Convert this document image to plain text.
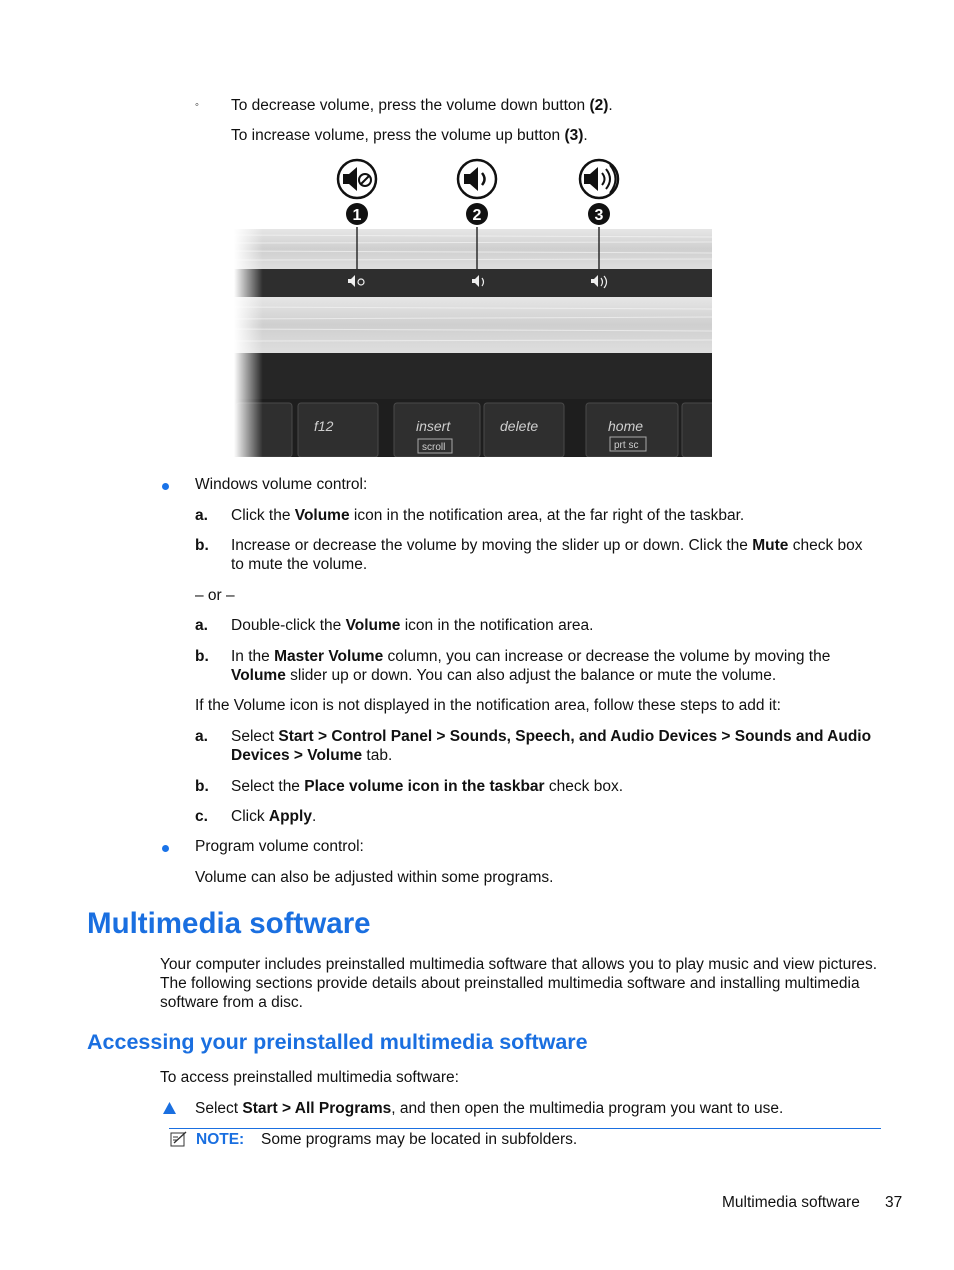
◦ To decrease volume, press the volume down button (2).
To increase volume, press the volume up button (3).
1	2	3
f12	insert	delete	home
scroll	prt sc
Windows volume control:
a. Click the Volume icon in the notification area, at the far right of the taskbar.
b. Increase or decrease the volume by moving the slider up or down. Click the Mute check box
to mute the volume.
– or –
a. Double-click the Volume icon in the notification area.
b. In the Master Volume column, you can increase or decrease the volume by moving the
Volume slider up or down. You can also adjust the balance or mute the volume.
If the Volume icon is not displayed in the notification area, follow these steps to add it:
a. Select Start > Control Panel > Sounds, Speech, and Audio Devices > Sounds and Audio
Devices > Volume tab.
b. Select the Place volume icon in the taskbar check box.
c. Click Apply.
Program volume control:
Volume can also be adjusted within some programs.
Multimedia software
Your computer includes preinstalled multimedia software that allows you to play music and view pictures.
The following sections provide details about preinstalled multimedia software and installing multimedia
software from a disc.
Accessing your preinstalled multimedia software
To access preinstalled multimedia software:
Select Start > All Programs, and then open the multimedia program you want to use.
NOTE: Some programs may be located in subfolders.
Multimedia software 37
